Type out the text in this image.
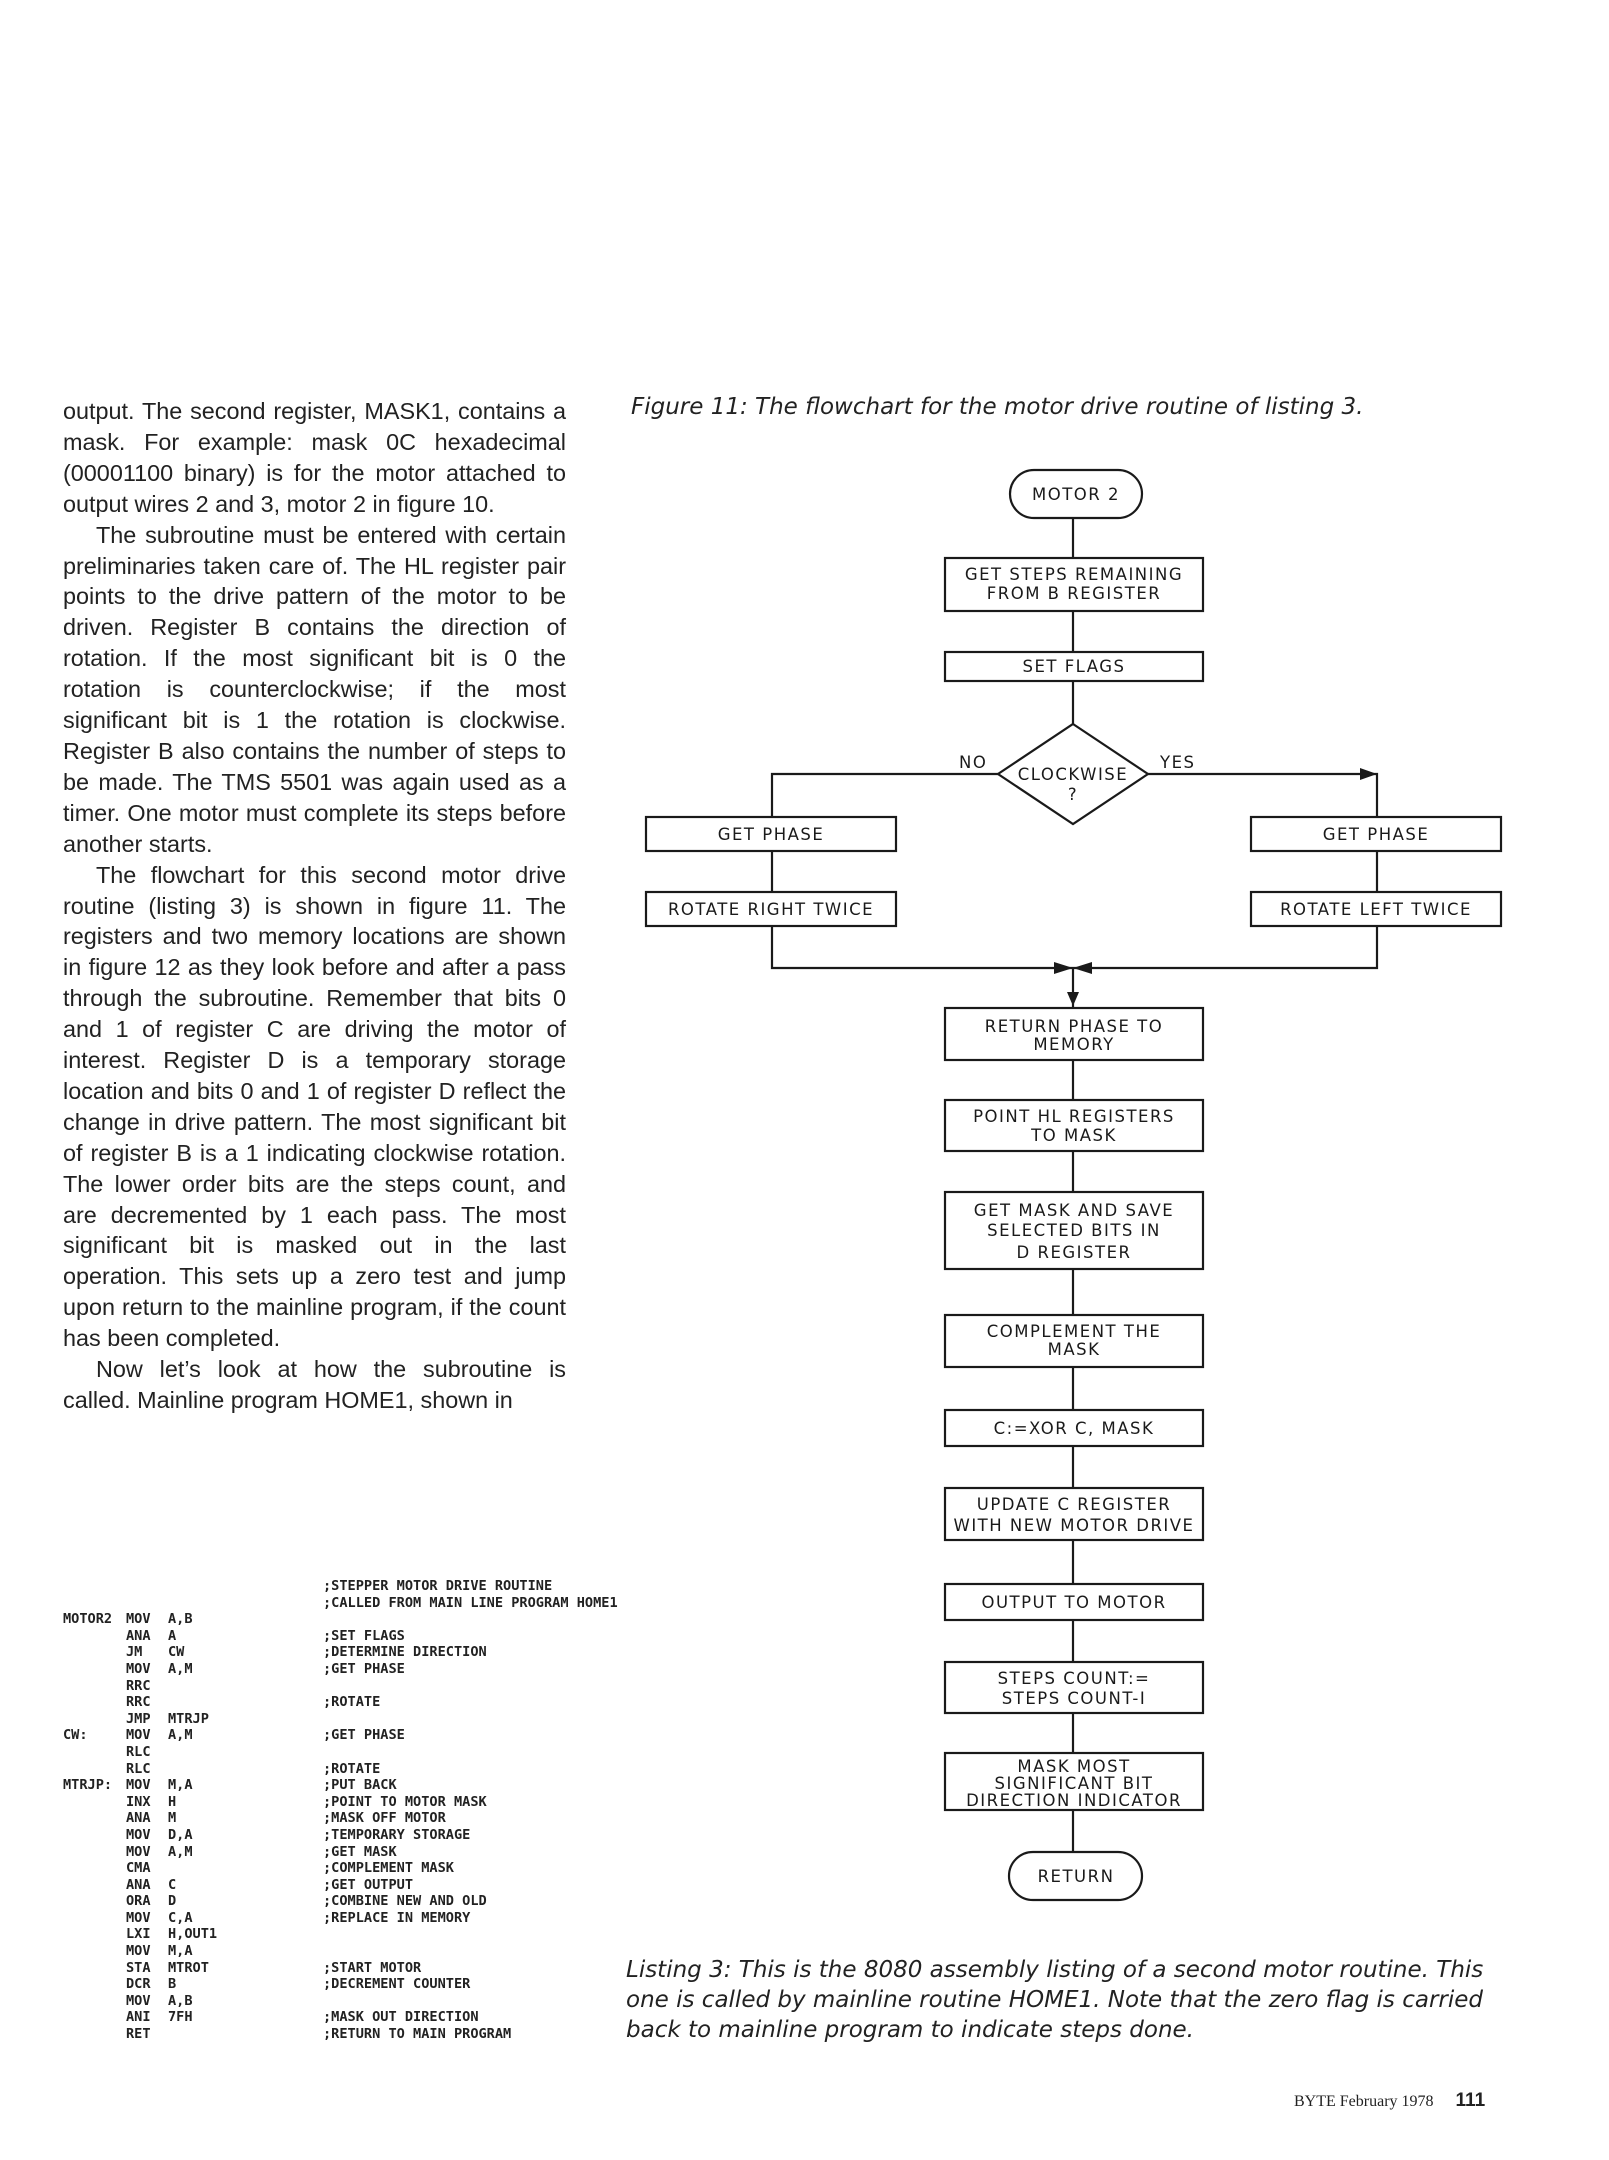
output. The second register, MASK1, contains a mask. For example: mask 0C hexadecimal (00001100 binary) is for the motor attached to output wires 2 and 3, motor 2 in figure 10.

The subroutine must be entered with certain preliminaries taken care of. The HL register pair points to the drive pattern of the motor to be driven. Register B contains the direction of rotation. If the most significant bit is 0 the rotation is counterclockwise; if the most significant bit is 1 the rotation is clockwise. Register B also contains the number of steps to be made. The TMS 5501 was again used as a timer. One motor must complete its steps before another starts.

The flowchart for this second motor drive routine (listing 3) is shown in figure 11. The registers and two memory locations are shown in figure 12 as they look before and after a pass through the subroutine. Remember that bits 0 and 1 of register C are driving the motor of interest. Register D is a temporary storage location and bits 0 and 1 of register D reflect the change in drive pattern. The most significant bit of register B is a 1 indicating clockwise rotation. The lower order bits are the steps count, and are decremented by 1 each pass. The most significant bit is masked out in the last operation. This sets up a zero test and jump upon return to the mainline program, if the count has been completed.

Now let’s look at how the subroutine is called. Mainline program HOME1, shown in

Figure 11: The flowchart for the motor drive routine of listing 3.
MOTOR 2
GET STEPS REMAINING
FROM B REGISTER
SET FLAGS
CLOCKWISE
?
NO	YES
GET PHASE
ROTATE RIGHT TWICE
GET PHASE
ROTATE LEFT TWICE
RETURN PHASE TO
MEMORY
POINT HL REGISTERS
TO MASK
GET MASK AND SAVE
SELECTED BITS IN
D REGISTER
COMPLEMENT THE
MASK
C:=XOR C, MASK
UPDATE C REGISTER
WITH NEW MOTOR DRIVE
OUTPUT TO MOTOR
STEPS COUNT:=
STEPS COUNT-I
MASK MOST
SIGNIFICANT BIT
DIRECTION INDICATOR
RETURN
;STEPPER MOTOR DRIVE ROUTINE
;CALLED FROM MAIN LINE PROGRAM HOME1
MOTOR2	MOV	A,B
ANA	A	;SET FLAGS
JM	CW	;DETERMINE DIRECTION
MOV	A,M	;GET PHASE
RRC
RRC	;ROTATE
JMP	MTRJP
CW:	MOV	A,M	;GET PHASE
RLC
RLC	;ROTATE
MTRJP:	MOV	M,A	;PUT BACK
INX	H	;POINT TO MOTOR MASK
ANA	M	;MASK OFF MOTOR
MOV	D,A	;TEMPORARY STORAGE
MOV	A,M	;GET MASK
CMA	;COMPLEMENT MASK
ANA	C	;GET OUTPUT
ORA	D	;COMBINE NEW AND OLD
MOV	C,A	;REPLACE IN MEMORY
LXI	H,OUT1
MOV	M,A
STA	MTROT	;START MOTOR
DCR	B	;DECREMENT COUNTER
MOV	A,B
ANI	7FH	;MASK OUT DIRECTION
RET	;RETURN TO MAIN PROGRAM
Listing 3: This is the 8080 assembly listing of a second motor routine. This one is called by mainline routine HOME1. Note that the zero flag is carried back to mainline program to indicate steps done.
BYTE February 1978 111
